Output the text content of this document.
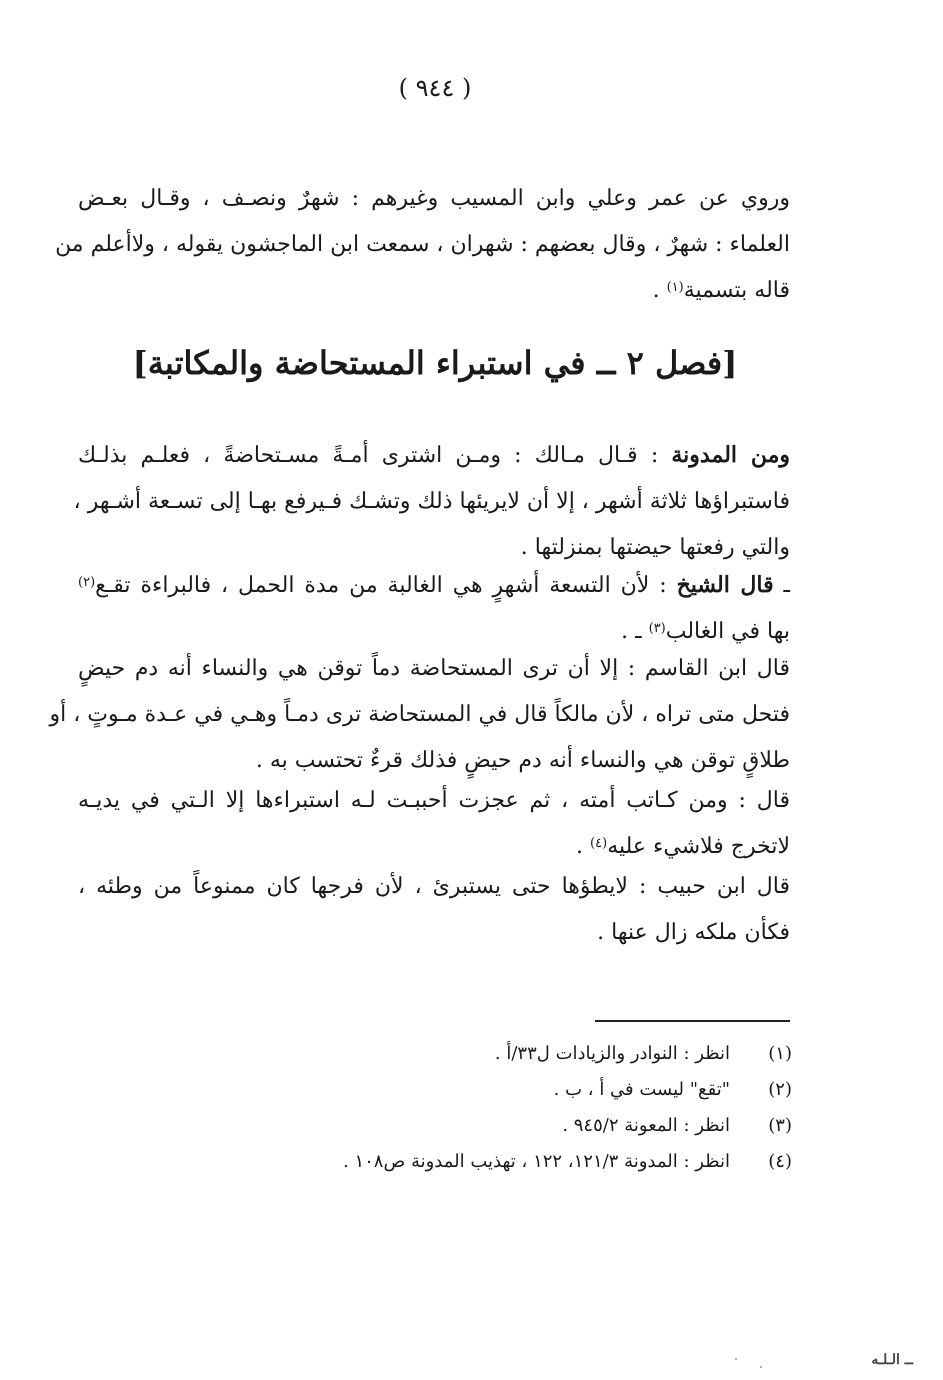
( ٩٤٤ )
وروي عن عمر وعلي وابن المسيب وغيرهم : شهرٌ ونصـف ، وقـال بعـض
العلماء : شهرٌ ، وقال بعضهم : شهران ، سمعت ابن الماجشون يقوله ، ولاأعلم من
قاله بتسمية$^{(١)}$ .
[فصل ٢ ــ في استبراء المستحاضة والمكاتبة]
ومن المدونة : قـال مـالك : ومـن اشترى أمـةً مسـتحاضةً ، فعلـم بذلـك
فاستبراؤها ثلاثة أشهر ، إلا أن لايريئها ذلك وتشـك فـيرفع بهـا إلى تسـعة أشـهر ،
والتي رفعتها حيضتها بمنزلتها .
ـ قال الشيخ : لأن التسعة أشهرٍ هي الغالبة من مدة الحمل ، فالبراءة تقـع$^{(٢)}$
بها في الغالب$^{(٣)}$ ـ .
قال ابن القاسم : إلا أن ترى المستحاضة دماً توقن هي والنساء أنه دم حيضٍ
فتحل متى تراه ، لأن مالكاً قال في المستحاضة ترى دمـاً وهـي في عـدة مـوتٍ ، أو
طلاقٍ توقن هي والنساء أنه دم حيضٍ فذلك قرءٌ تحتسب به .
قال : ومن كـاتب أمته ، ثم عجزت أحببـت لـه استبراءها إلا الـتي في يديـه
لاتخرج فلاشيء عليه$^{(٤)}$ .
قال ابن حبيب : لايطؤها حتى يستبرئ ، لأن فرجها كان ممنوعاً من وطئه ،
فكأن ملكه زال عنها .
(١)
انظر : النوادر والزيادات ل٣٣/أ .
(٢)
"تقع" ليست في أ ، ب .
(٣)
انظر : المعونة ٩٤٥/٢ .
(٤)
انظر : المدونة ١٢١/٣، ١٢٢ ، تهذيب المدونة ص١٠٨ .
ــ الـلـه
